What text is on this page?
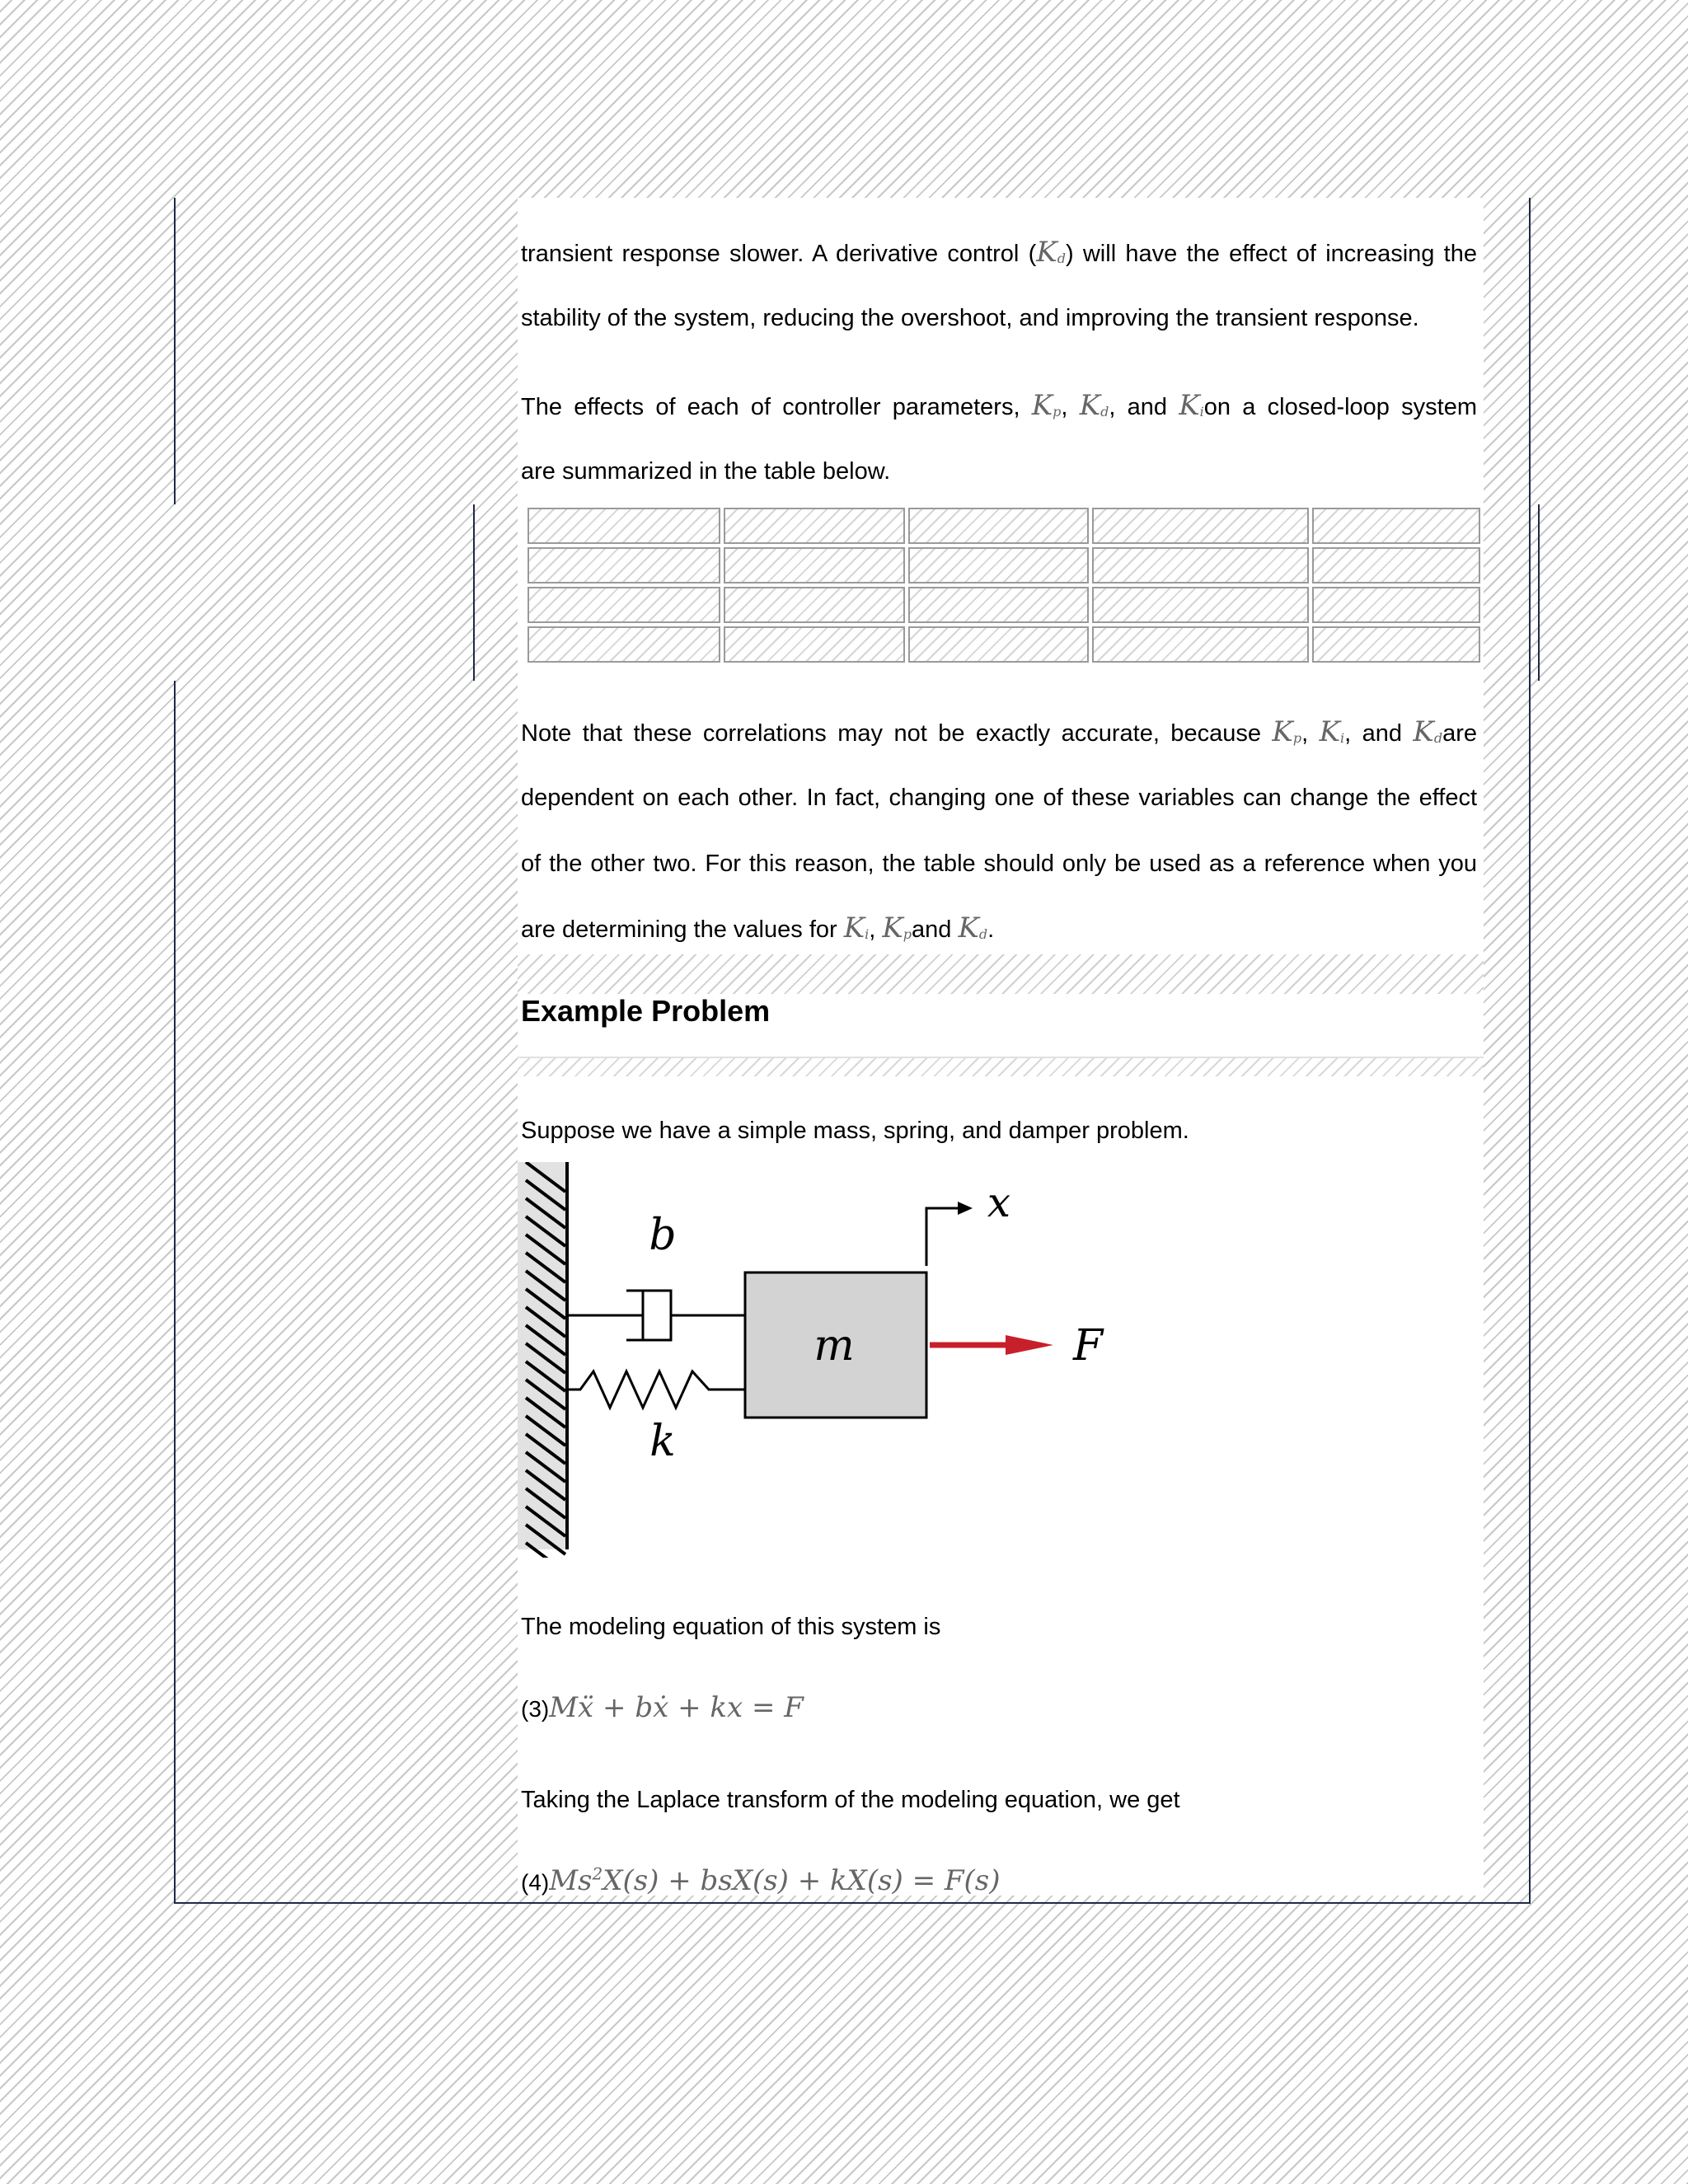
transient response slower. A derivative control $(K_d)$ will have the effect of increasing the

stability of the system, reducing the overshoot, and improving the transient response.

The effects of each of controller parameters, $K_p$, $K_d$, and $K_ion$ a closed-loop system

are summarized in the table below.

Note that these correlations may not be exactly accurate, because $K_p$, $K_i$, and $K_dare$

dependent on each other. In fact, changing one of these variables can change the effect

of the other two. For this reason, the table should only be used as a reference when you

are determining the values for $K_i$, $K_pand$ $K_d$.

Example Problem

Suppose we have a simple mass, spring, and damper problem.

m
b
k
F
x

The modeling equation of this system is

(3)Mẍ + bẋ + kx = F

Taking the Laplace transform of the modeling equation, we get

$(4)Ms^2X(s) + bsX(s) + kX(s) = F(s)$
